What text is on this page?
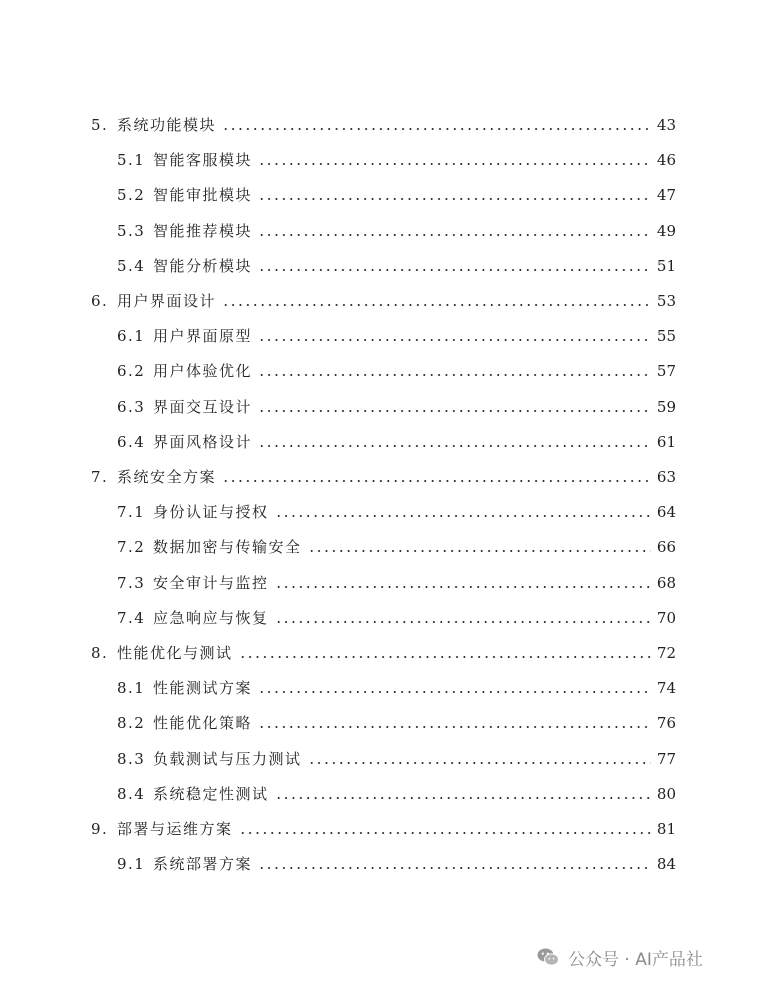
5. 系统功能模块	43
5.1 智能客服模块	46
5.2 智能审批模块	47
5.3 智能推荐模块	49
5.4 智能分析模块	51
6. 用户界面设计	53
6.1 用户界面原型	55
6.2 用户体验优化	57
6.3 界面交互设计	59
6.4 界面风格设计	61
7. 系统安全方案	63
7.1 身份认证与授权	64
7.2 数据加密与传输安全	66
7.3 安全审计与监控	68
7.4 应急响应与恢复	70
8. 性能优化与测试	72
8.1 性能测试方案	74
8.2 性能优化策略	76
8.3 负载测试与压力测试	77
8.4 系统稳定性测试	80
9. 部署与运维方案	81
9.1 系统部署方案	84
公众号 · AI产品社
